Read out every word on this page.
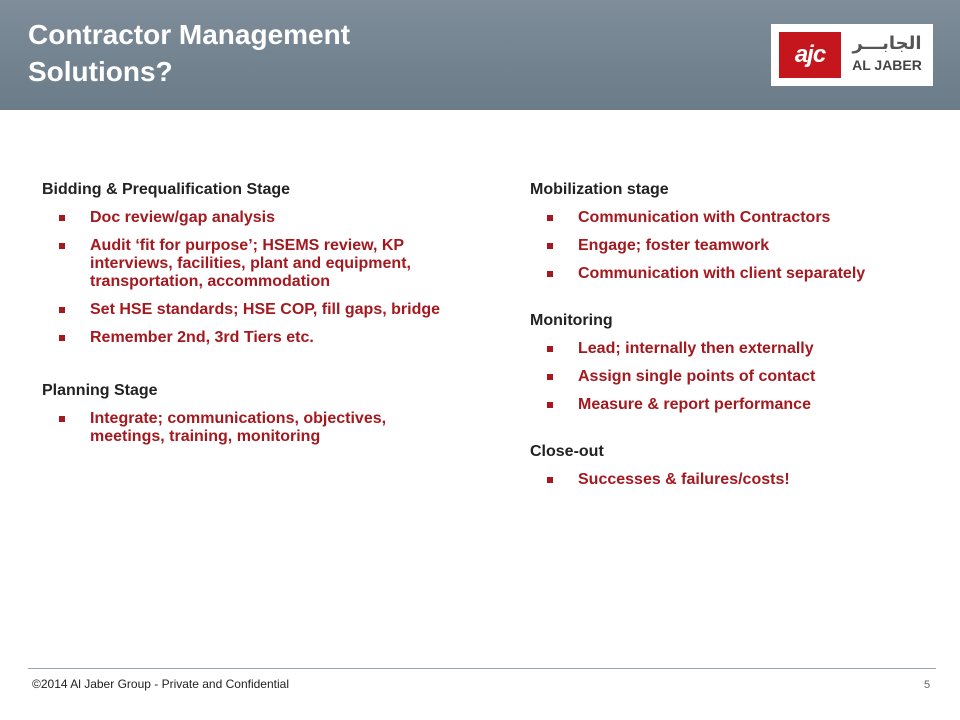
Contractor Management
Solutions?
ajc	الجابـــر
AL JABER
Bidding & Prequalification Stage
Doc review/gap analysis
Audit ‘fit for purpose’; HSEMS review, KP interviews, facilities, plant and equipment, transportation, accommodation
Set HSE standards; HSE COP, fill gaps, bridge
Remember 2nd, 3rd Tiers etc.
Planning Stage
Integrate; communications, objectives, meetings, training, monitoring
Mobilization stage
Communication with Contractors
Engage; foster teamwork
Communication with client separately
Monitoring
Lead; internally then externally
Assign single points of contact
Measure & report performance
Close-out
Successes & failures/costs!
©2014 Al Jaber Group - Private and Confidential	5
